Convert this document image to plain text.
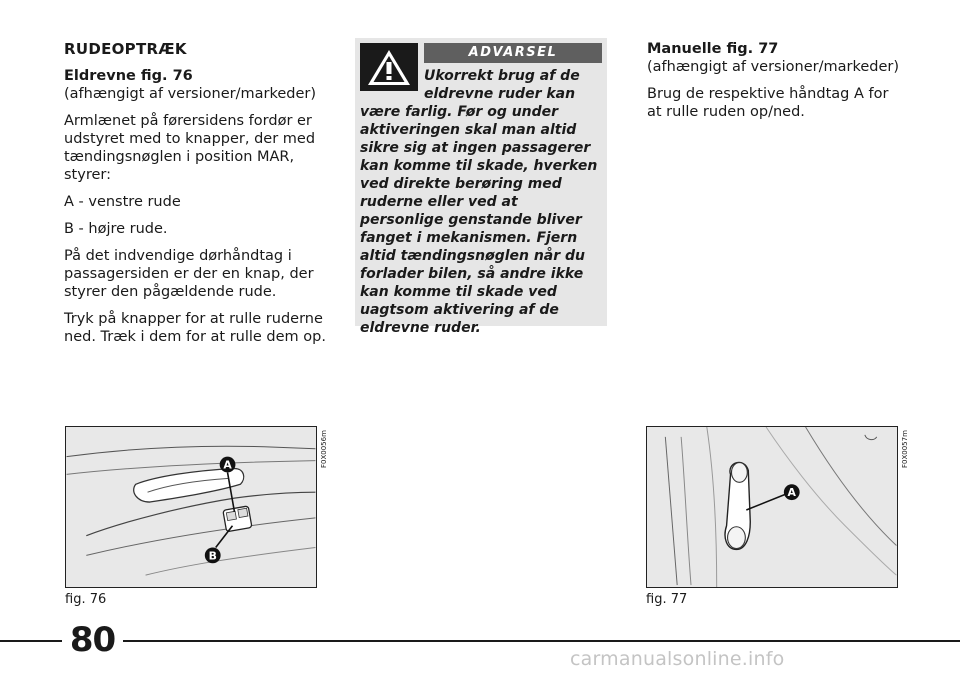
RUDEOPTRÆK

Eldrevne fig. 76

(afhængigt af versioner/markeder)

Armlænet på førersidens fordør er udstyret med to knapper, der med tændingsnøglen i position MAR, styrer:

A - venstre rude

B - højre rude.

På det indvendige dørhåndtag i passagersiden er der en knap, der styrer den pågældende rude.

Tryk på knapper for at rulle ruderne ned. Træk i dem for at rulle dem op.

ADVARSEL
Ukorrekt brug af de eldrevne ruder kan være farlig. Før og under aktiveringen skal man altid sikre sig at ingen passagerer kan komme til skade, hverken ved direkte berøring med ruderne eller ved at personlige genstande bliver fanget i mekanismen. Fjern altid tændingsnøglen når du forlader bilen, så andre ikke kan komme til skade ved uagtsom aktivering af de eldrevne ruder.
Manuelle fig. 77

(afhængigt af versioner/markeder)

Brug de respektive håndtag A for at rulle ruden op/ned.

A
B
F0X0056m
fig. 76
A
F0X0057m
fig. 77
80	carmanualsonline.info
